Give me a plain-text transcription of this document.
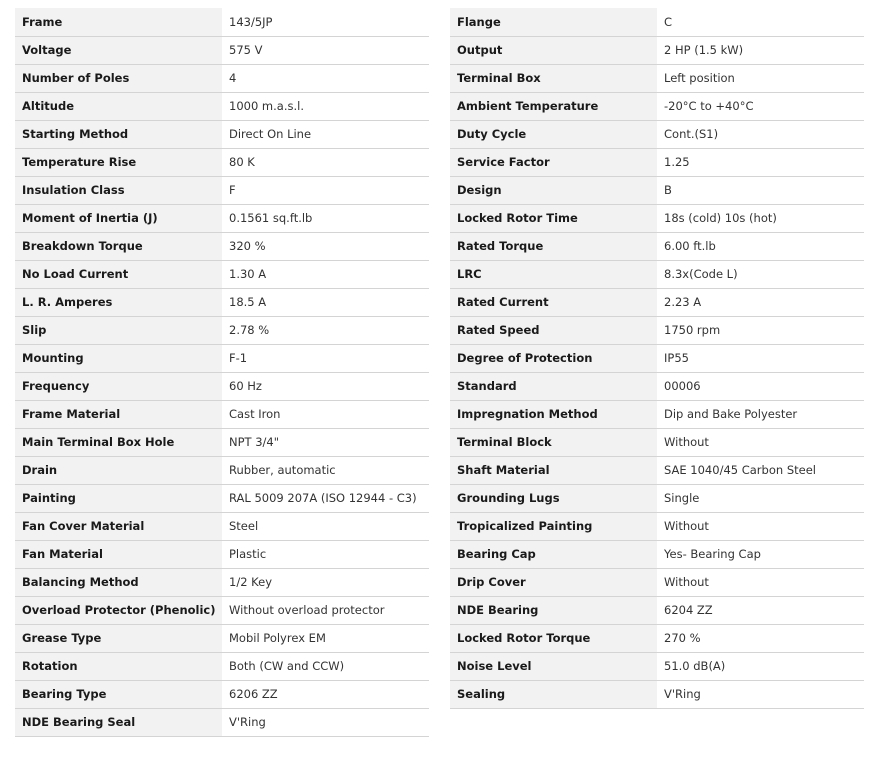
Frame	143/5JP
Voltage	575 V
Number of Poles	4
Altitude	1000 m.a.s.l.
Starting Method	Direct On Line
Temperature Rise	80 K
Insulation Class	F
Moment of Inertia (J)	0.1561 sq.ft.lb
Breakdown Torque	320 %
No Load Current	1.30 A
L. R. Amperes	18.5 A
Slip	2.78 %
Mounting	F-1
Frequency	60 Hz
Frame Material	Cast Iron
Main Terminal Box Hole	NPT 3/4"
Drain	Rubber, automatic
Painting	RAL 5009 207A (ISO 12944 - C3)
Fan Cover Material	Steel
Fan Material	Plastic
Balancing Method	1/2 Key
Overload Protector (Phenolic)	Without overload protector
Grease Type	Mobil Polyrex EM
Rotation	Both (CW and CCW)
Bearing Type	6206 ZZ
NDE Bearing Seal	V'Ring
Flange	C
Output	2 HP (1.5 kW)
Terminal Box	Left position
Ambient Temperature	-20°C to +40°C
Duty Cycle	Cont.(S1)
Service Factor	1.25
Design	B
Locked Rotor Time	18s (cold) 10s (hot)
Rated Torque	6.00 ft.lb
LRC	8.3x(Code L)
Rated Current	2.23 A
Rated Speed	1750 rpm
Degree of Protection	IP55
Standard	00006
Impregnation Method	Dip and Bake Polyester
Terminal Block	Without
Shaft Material	SAE 1040/45 Carbon Steel
Grounding Lugs	Single
Tropicalized Painting	Without
Bearing Cap	Yes- Bearing Cap
Drip Cover	Without
NDE Bearing	6204 ZZ
Locked Rotor Torque	270 %
Noise Level	51.0 dB(A)
Sealing	V'Ring
